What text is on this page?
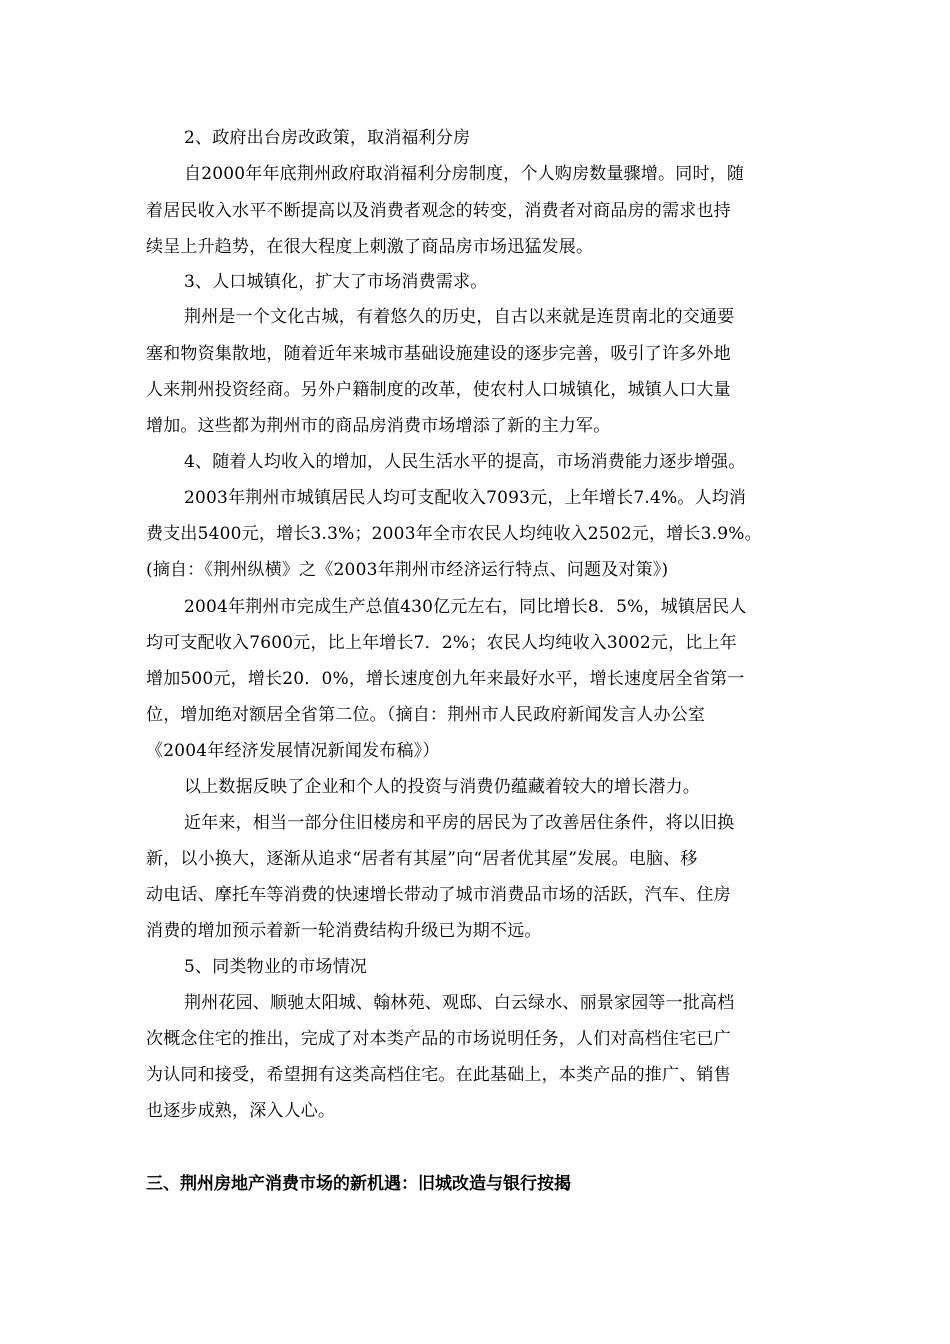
2、政府出台房改政策，取消福利分房
自2000年年底荆州政府取消福利分房制度，个人购房数量骤增。同时，随
着居民收入水平不断提高以及消费者观念的转变，消费者对商品房的需求也持
续呈上升趋势，在很大程度上刺激了商品房市场迅猛发展。
3、人口城镇化，扩大了市场消费需求。
荆州是一个文化古城，有着悠久的历史，自古以来就是连贯南北的交通要
塞和物资集散地，随着近年来城市基础设施建设的逐步完善，吸引了许多外地
人来荆州投资经商。另外户籍制度的改革，使农村人口城镇化，城镇人口大量
增加。这些都为荆州市的商品房消费市场增添了新的主力军。
4、随着人均收入的增加，人民生活水平的提高，市场消费能力逐步增强。
2003年荆州市城镇居民人均可支配收入7093元，上年增长7.4%。人均消
费支出5400元，增长3.3%；2003年全市农民人均纯收入2502元，增长3.9%。
(摘自：《荆州纵横》之《2003年荆州市经济运行特点、问题及对策》)
2004年荆州市完成生产总值430亿元左右，同比增长8．5%，城镇居民人
均可支配收入7600元，比上年增长7．2%；农民人均纯收入3002元，比上年
增加500元，增长20．0%，增长速度创九年来最好水平，增长速度居全省第一
位，增加绝对额居全省第二位。（摘自：荆州市人民政府新闻发言人办公室
《2004年经济发展情况新闻发布稿》）
以上数据反映了企业和个人的投资与消费仍蕴藏着较大的增长潜力。
近年来，相当一部分住旧楼房和平房的居民为了改善居住条件，将以旧换
新，以小换大，逐渐从追求“居者有其屋”向“居者优其屋”发展。电脑、移
动电话、摩托车等消费的快速增长带动了城市消费品市场的活跃，汽车、住房
消费的增加预示着新一轮消费结构升级已为期不远。
5、同类物业的市场情况
荆州花园、顺驰太阳城、翰林苑、观邸、白云绿水、丽景家园等一批高档
次概念住宅的推出，完成了对本类产品的市场说明任务，人们对高档住宅已广
为认同和接受，希望拥有这类高档住宅。在此基础上，本类产品的推广、销售
也逐步成熟，深入人心。
三、荆州房地产消费市场的新机遇：旧城改造与银行按揭
